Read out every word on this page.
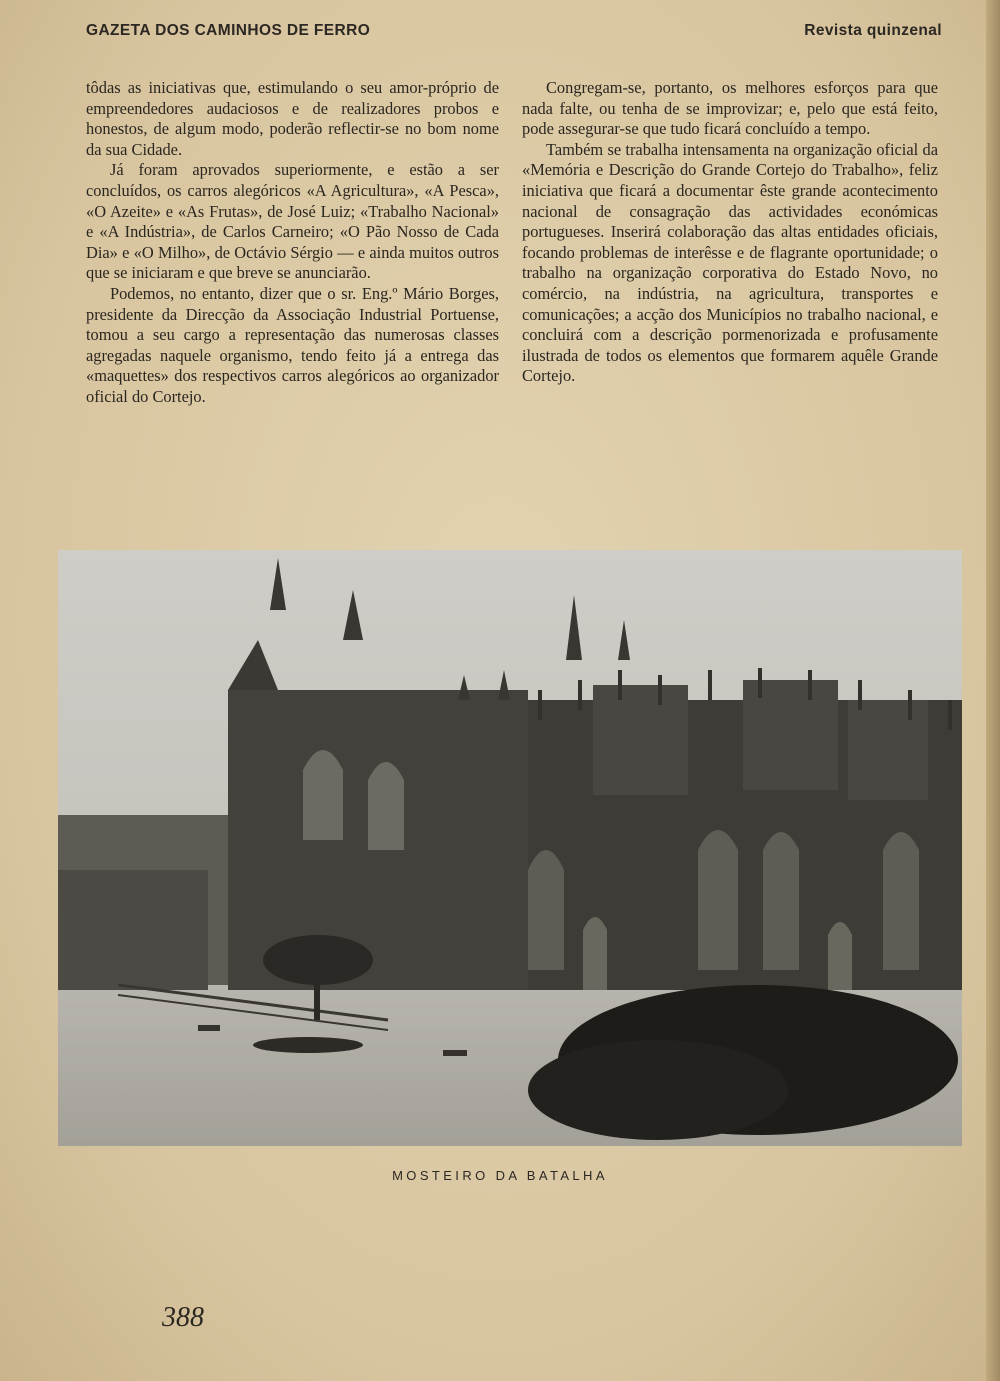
GAZETA DOS CAMINHOS DE FERRO	Revista quinzenal

tôdas as iniciativas que, estimulando o seu amor-próprio de empreendedores audaciosos e de realizadores probos e honestos, de algum modo, poderão reflectir-se no bom nome da sua Cidade.

Já foram aprovados superiormente, e estão a ser concluídos, os carros alegóricos «A Agricultura», «A Pesca», «O Azeite» e «As Frutas», de José Luiz; «Trabalho Nacional» e «A Indústria», de Carlos Carneiro; «O Pão Nosso de Cada Dia» e «O Milho», de Octávio Sérgio — e ainda muitos outros que se iniciaram e que breve se anunciarão.

Podemos, no entanto, dizer que o sr. Eng.º Mário Borges, presidente da Direcção da Associação Industrial Portuense, tomou a seu cargo a representação das numerosas classes agregadas naquele organismo, tendo feito já a entrega das «maquettes» dos respectivos carros alegóricos ao organizador oficial do Cortejo.

Congregam-se, portanto, os melhores esforços para que nada falte, ou tenha de se improvizar; e, pelo que está feito, pode assegurar-se que tudo ficará concluído a tempo.

Também se trabalha intensamenta na organização oficial da «Memória e Descrição do Grande Cortejo do Trabalho», feliz iniciativa que ficará a documentar êste grande acontecimento nacional de consagração das actividades económicas portugueses. Inserirá colaboração das altas entidades oficiais, focando problemas de interêsse e de flagrante oportunidade; o trabalho na organização corporativa do Estado Novo, no comércio, na indústria, na agricultura, transportes e comunicações; a acção dos Municípios no trabalho nacional, e concluirá com a descrição pormenorizada e profusamente ilustrada de todos os elementos que formarem aquêle Grande Cortejo.

MOSTEIRO DA BATALHA
388
